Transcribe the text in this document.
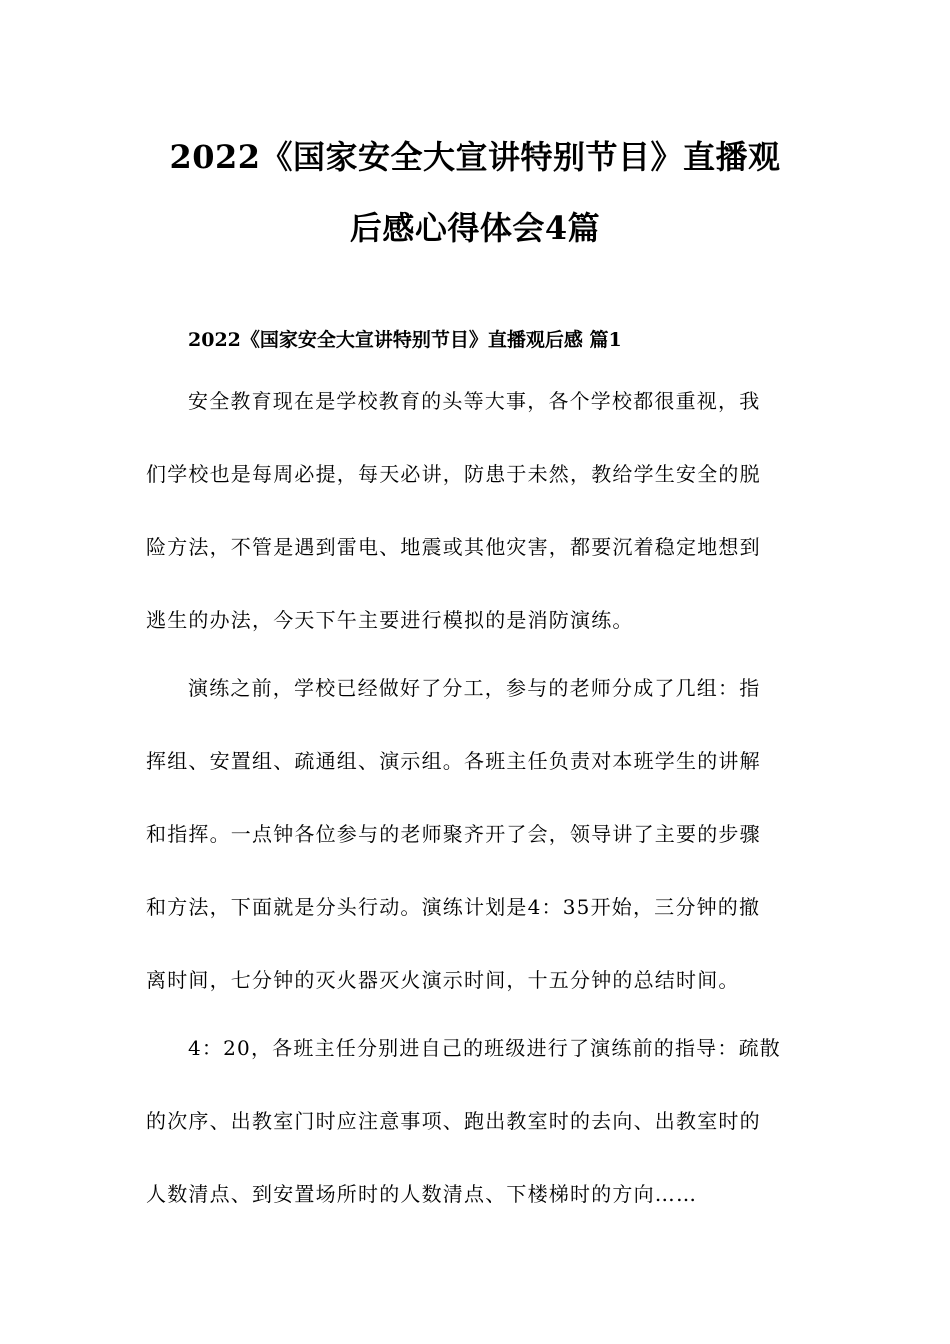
2022《国家安全大宣讲特别节目》直播观
后感心得体会4篇
2022《国家安全大宣讲特别节目》直播观后感 篇1
安全教育现在是学校教育的头等大事，各个学校都很重视，我
们学校也是每周必提，每天必讲，防患于未然，教给学生安全的脱
险方法，不管是遇到雷电、地震或其他灾害，都要沉着稳定地想到
逃生的办法，今天下午主要进行模拟的是消防演练。
演练之前，学校已经做好了分工，参与的老师分成了几组：指
挥组、安置组、疏通组、演示组。各班主任负责对本班学生的讲解
和指挥。一点钟各位参与的老师聚齐开了会，领导讲了主要的步骤
和方法，下面就是分头行动。演练计划是4：35开始，三分钟的撤
离时间，七分钟的灭火器灭火演示时间，十五分钟的总结时间。
4：20，各班主任分别进自己的班级进行了演练前的指导：疏散
的次序、出教室门时应注意事项、跑出教室时的去向、出教室时的
人数清点、到安置场所时的人数清点、下楼梯时的方向……
